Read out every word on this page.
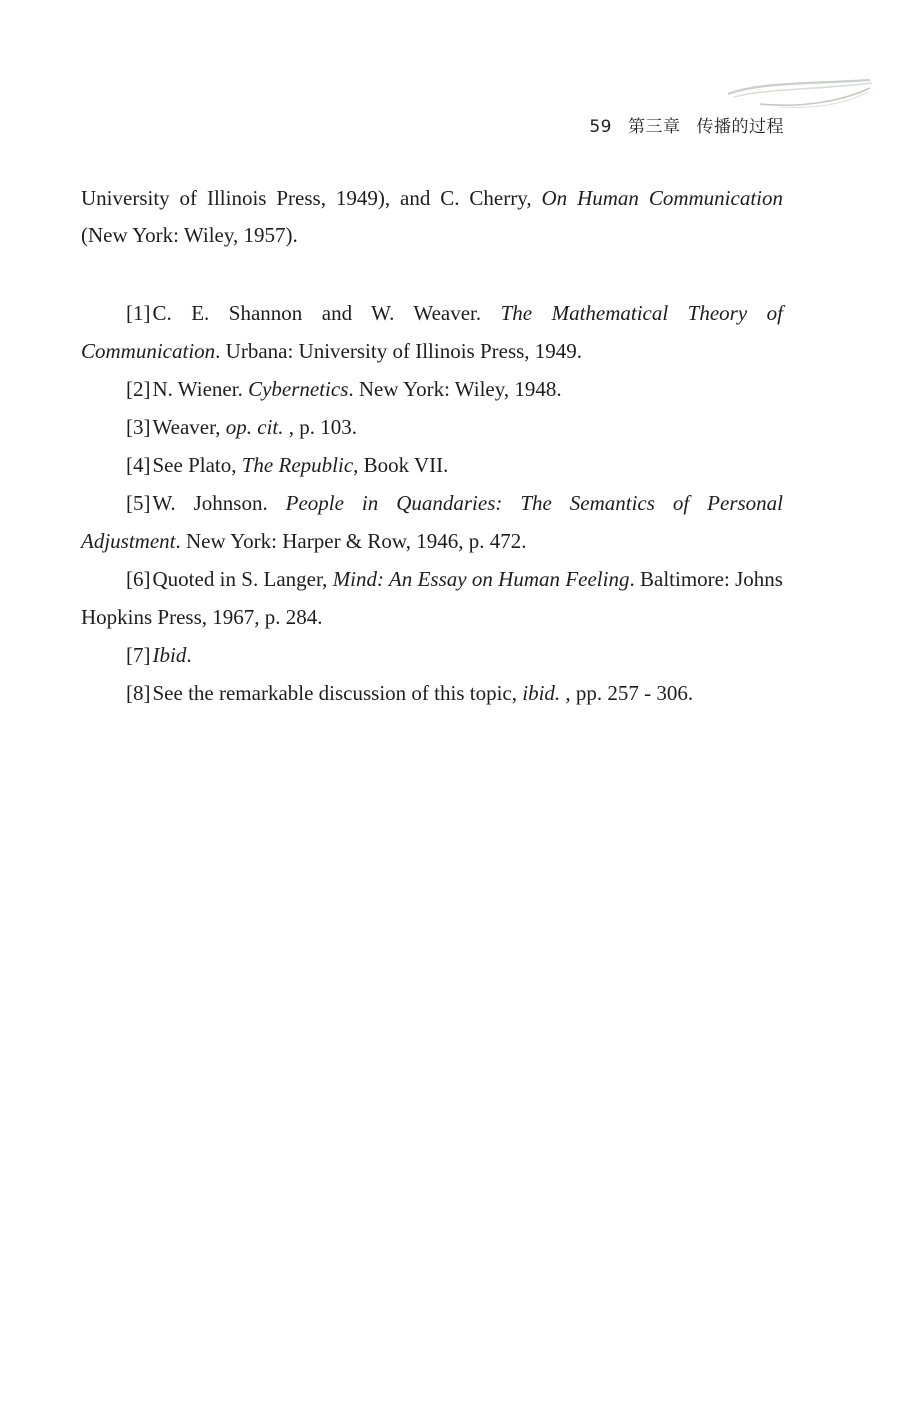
59 第三章 传播的过程

University of Illinois Press, 1949), and C. Cherry, On Human Communication (New York: Wiley, 1957).

[1]C. E. Shannon and W. Weaver. The Mathematical Theory of Communication. Urbana: University of Illinois Press, 1949.

[2]N. Wiener. Cybernetics. New York: Wiley, 1948.

[3]Weaver, op. cit. , p. 103.

[4]See Plato, The Republic, Book VII.

[5]W. Johnson. People in Quandaries: The Semantics of Personal Adjustment. New York: Harper & Row, 1946, p. 472.

[6]Quoted in S. Langer, Mind: An Essay on Human Feeling. Baltimore: Johns Hopkins Press, 1967, p. 284.

[7]Ibid.

[8]See the remarkable discussion of this topic, ibid. , pp. 257 - 306.
